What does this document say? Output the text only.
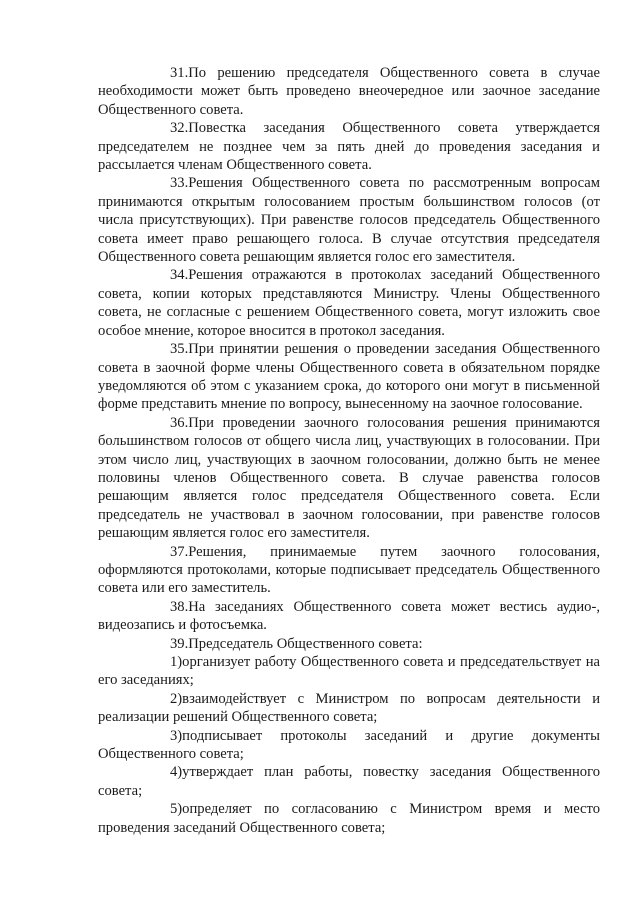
31.По решению председателя Общественного совета в случае необходимости может быть проведено внеочередное или заочное заседание Общественного совета.

32.Повестка заседания Общественного совета утверждается председателем не позднее чем за пять дней до проведения заседания и рассылается членам Общественного совета.

33.Решения Общественного совета по рассмотренным вопросам принимаются открытым голосованием простым большинством голосов (от числа присутствующих). При равенстве голосов председатель Общественного совета имеет право решающего голоса. В случае отсутствия председателя Общественного совета решающим является голос его заместителя.

34.Решения отражаются в протоколах заседаний Общественного совета, копии которых представляются Министру. Члены Общественного совета, не согласные с решением Общественного совета, могут изложить свое особое мнение, которое вносится в протокол заседания.

35.При принятии решения о проведении заседания Общественного совета в заочной форме члены Общественного совета в обязательном порядке уведомляются об этом с указанием срока, до которого они могут в письменной форме представить мнение по вопросу, вынесенному на заочное голосование.

36.При проведении заочного голосования решения принимаются большинством голосов от общего числа лиц, участвующих в голосовании. При этом число лиц, участвующих в заочном голосовании, должно быть не менее половины членов Общественного совета. В случае равенства голосов решающим является голос председателя Общественного совета. Если председатель не участвовал в заочном голосовании, при равенстве голосов решающим является голос его заместителя.

37.Решения, принимаемые путем заочного голосования, оформляются протоколами, которые подписывает председатель Общественного совета или его заместитель.

38.На заседаниях Общественного совета может вестись аудио-, видеозапись и фотосъемка.

39.Председатель Общественного совета:

1)организует работу Общественного совета и председательствует на его заседаниях;

2)взаимодействует с Министром по вопросам деятельности и реализации решений Общественного совета;

3)подписывает протоколы заседаний и другие документы Общественного совета;

4)утверждает план работы, повестку заседания Общественного совета;

5)определяет по согласованию с Министром время и место проведения заседаний Общественного совета;
